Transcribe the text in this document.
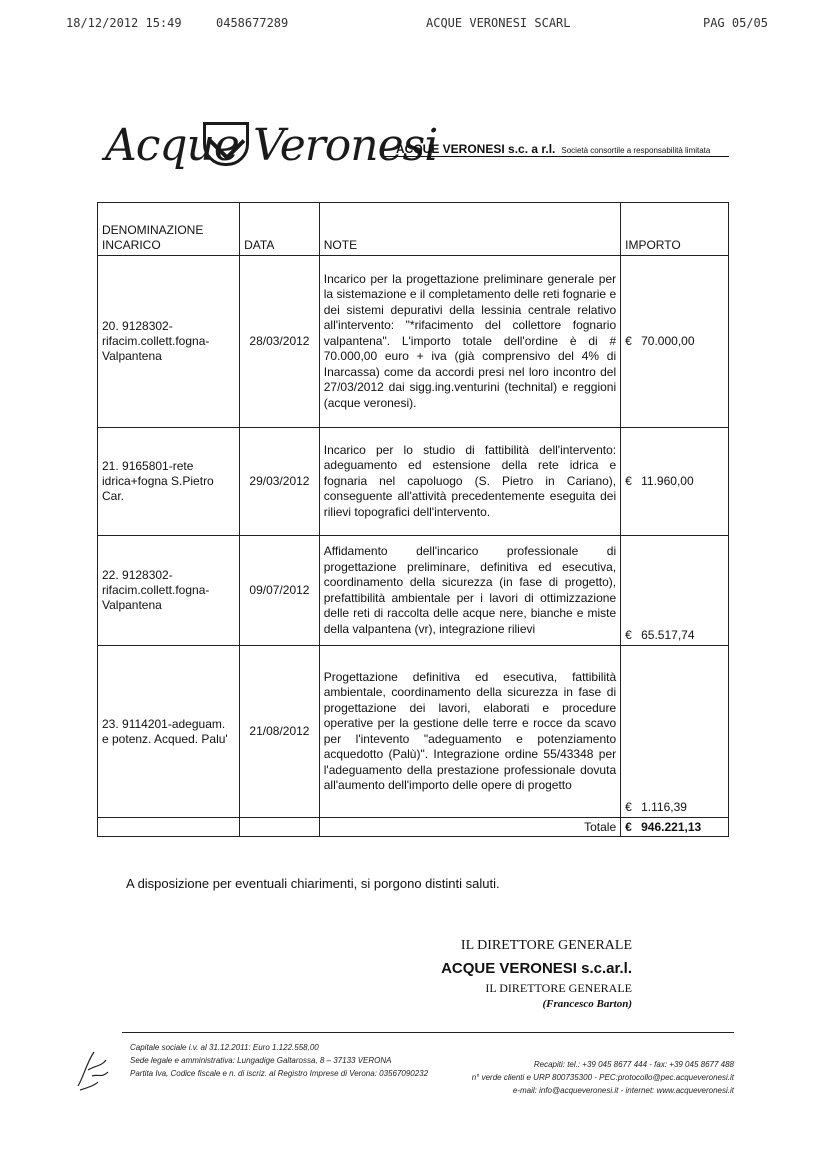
18/12/2012 15:49	0458677289	ACQUE VERONESI SCARL	PAG 05/05
Acque Veronesi
ACQUE VERONESI s.c. a r.l. Società consortile a responsabilità limitata
DENOMINAZIONE INCARICO	DATA	NOTE	IMPORTO
20. 9128302-rifacim.collett.fogna-Valpantena	28/03/2012	Incarico per la progettazione preliminare generale per la sistemazione e il completamento delle reti fognarie e dei sistemi depurativi della lessinia centrale relativo all'intervento: "*rifacimento del collettore fognario valpantena". L'importo totale dell'ordine è di # 70.000,00 euro + iva (già comprensivo del 4% di Inarcassa) come da accordi presi nel loro incontro del 27/03/2012 dai sigg.ing.venturini (technital) e reggioni (acque veronesi).	€ 70.000,00
21. 9165801-rete idrica+fogna S.Pietro Car.	29/03/2012	Incarico per lo studio di fattibilità dell'intervento: adeguamento ed estensione della rete idrica e fognaria nel capoluogo (S. Pietro in Cariano), conseguente all'attività precedentemente eseguita dei rilievi topografici dell'intervento.	€ 11.960,00
22. 9128302-rifacim.collett.fogna-Valpantena	09/07/2012	Affidamento dell'incarico professionale di progettazione preliminare, definitiva ed esecutiva, coordinamento della sicurezza (in fase di progetto), prefattibilità ambientale per i lavori di ottimizzazione delle reti di raccolta delle acque nere, bianche e miste della valpantena (vr), integrazione rilievi	€ 65.517,74
23. 9114201-adeguam. e potenz. Acqued. Palu'	21/08/2012	Progettazione definitiva ed esecutiva, fattibilità ambientale, coordinamento della sicurezza in fase di progettazione dei lavori, elaborati e procedure operative per la gestione delle terre e rocce da scavo per l'intevento "adeguamento e potenziamento acquedotto (Palù)". Integrazione ordine 55/43348 per l'adeguamento della prestazione professionale dovuta all'aumento dell'importo delle opere di progetto	€ 1.116,39
		Totale	€ 946.221,13
A disposizione per eventuali chiarimenti, si porgono distinti saluti.
IL DIRETTORE GENERALE
ACQUE VERONESI s.c.ar.l.
IL DIRETTORE GENERALE
(Francesco Barton)
Capitale sociale i.v. al 31.12.2011: Euro 1.122.558,00
Sede legale e amministrativa: Lungadige Galtarossa, 8 – 37133 VERONA
Partita Iva, Codice fiscale e n. di iscriz. al Registro Imprese di Verona: 03567090232
Recapiti: tel.: +39 045 8677 444 - fax: +39 045 8677 488
n° verde clienti e URP 800735300 - PEC:protocollo@pec.acqueveronesi.it
e-mail: info@acqueveronesi.it - internet: www.acqueveronesi.it
